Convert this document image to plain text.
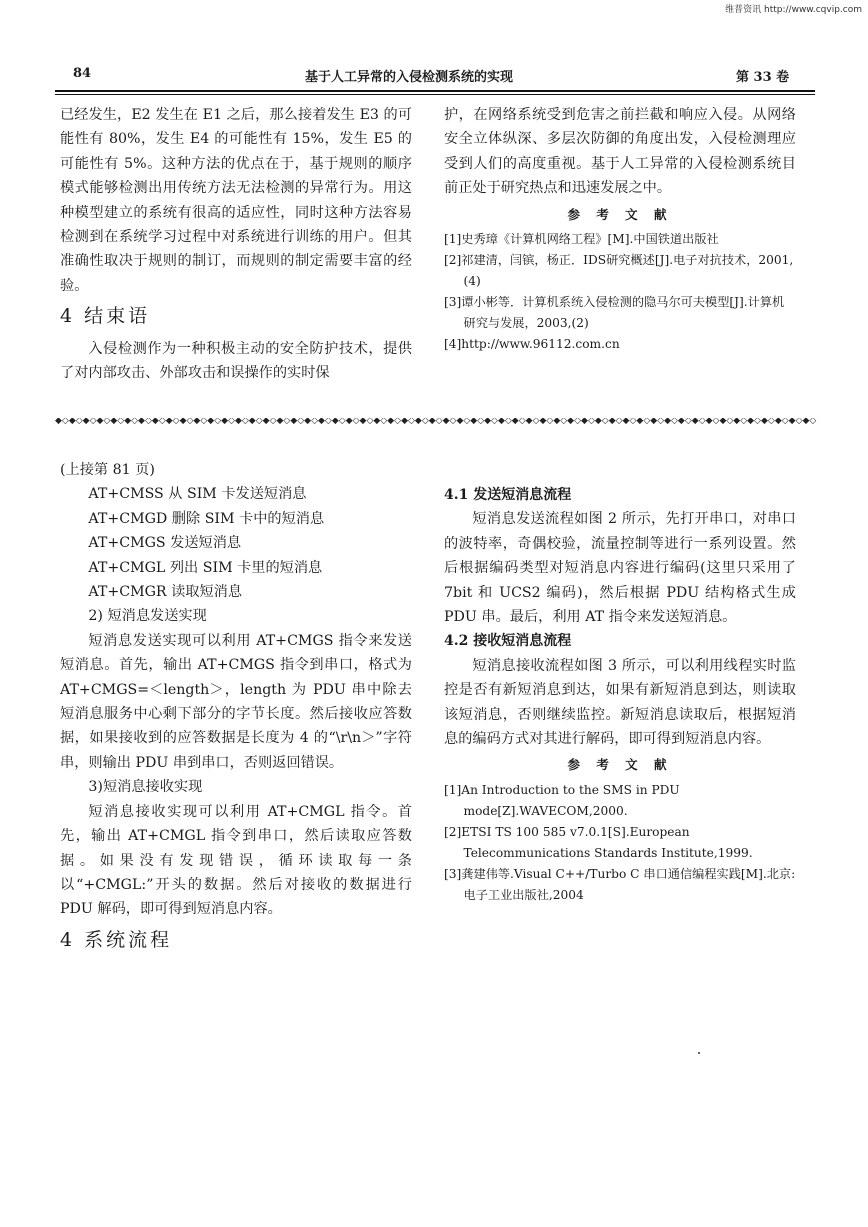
维普资讯 http://www.cqvip.com
84	基于人工异常的入侵检测系统的实现	第 33 卷

已经发生，E2 发生在 E1 之后，那么接着发生 E3 的可能性有 80%，发生 E4 的可能性有 15%，发生 E5 的可能性有 5%。这种方法的优点在于，基于规则的顺序模式能够检测出用传统方法无法检测的异常行为。用这种模型建立的系统有很高的适应性，同时这种方法容易检测到在系统学习过程中对系统进行训练的用户。但其准确性取决于规则的制订，而规则的制定需要丰富的经验。

4 结束语

入侵检测作为一种积极主动的安全防护技术，提供了对内部攻击、外部攻击和误操作的实时保

护，在网络系统受到危害之前拦截和响应入侵。从网络安全立体纵深、多层次防御的角度出发，入侵检测理应受到人们的高度重视。基于人工异常的入侵检测系统目前正处于研究热点和迅速发展之中。

参 考 文 献
[1]史秀璋《计算机网络工程》[M].中国铁道出版社
[2]祁建清，闫镔，杨正．IDS研究概述[J].电子对抗技术，2001,(4)
[3]谭小彬等．计算机系统入侵检测的隐马尔可夫模型[J].计算机研究与发展，2003,(2)
[4]http://www.96112.com.cn
◆◇◆◇◆◇◆◇◆◇◆◇◆◇◆◇◆◇◆◇◆◇◆◇◆◇◆◇◆◇◆◇◆◇◆◇◆◇◆◇◆◇◆◇◆◇◆◇◆◇◆◇◆◇◆◇◆◇◆◇◆◇◆◇◆◇◆◇◆◇◆◇◆◇◆◇◆◇◆◇◆◇◆◇◆◇◆◇◆◇◆◇◆◇◆◇◆◇◆◇◆◇◆◇◆◇◆◇◆◇

(上接第 81 页)

AT+CMSS 从 SIM 卡发送短消息

AT+CMGD 删除 SIM 卡中的短消息

AT+CMGS 发送短消息

AT+CMGL 列出 SIM 卡里的短消息

AT+CMGR 读取短消息

2) 短消息发送实现

短消息发送实现可以利用 AT+CMGS 指令来发送短消息。首先，输出 AT+CMGS 指令到串口，格式为 AT+CMGS=＜length＞，length 为 PDU 串中除去短消息服务中心剩下部分的字节长度。然后接收应答数据，如果接收到的应答数据是长度为 4 的“\r\n＞”字符串，则输出 PDU 串到串口，否则返回错误。

3)短消息接收实现

短消息接收实现可以利用 AT+CMGL 指令。首先，输出 AT+CMGL 指令到串口，然后读取应答数据。如果没有发现错误，循环读取每一条以“+CMGL:”开头的数据。然后对接收的数据进行 PDU 解码，即可得到短消息内容。

4 系统流程

4.1 发送短消息流程

短消息发送流程如图 2 所示，先打开串口，对串口的波特率，奇偶校验，流量控制等进行一系列设置。然后根据编码类型对短消息内容进行编码(这里只采用了 7bit 和 UCS2 编码)，然后根据 PDU 结构格式生成 PDU 串。最后，利用 AT 指令来发送短消息。

4.2 接收短消息流程

短消息接收流程如图 3 所示，可以利用线程实时监控是否有新短消息到达，如果有新短消息到达，则读取该短消息，否则继续监控。新短消息读取后，根据短消息的编码方式对其进行解码，即可得到短消息内容。

参 考 文 献
[1]An Introduction to the SMS in PDU mode[Z].WAVECOM,2000.
[2]ETSI TS 100 585 v7.0.1[S].European Telecommunications Standards Institute,1999.
[3]龚建伟等.Visual C++/Turbo C 串口通信编程实践[M].北京:电子工业出版社,2004
